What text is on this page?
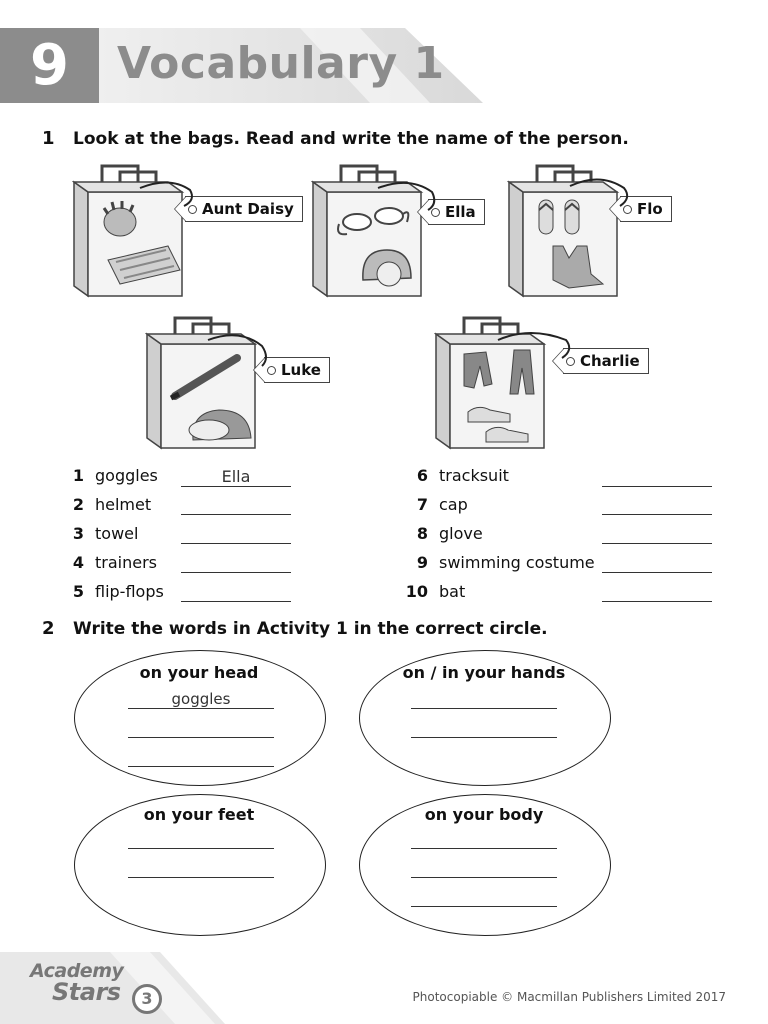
9	Vocabulary 1
1 Look at the bags. Read and write the name of the person.
Aunt Daisy	Ella	Flo
Luke	Charlie
1 goggles	Ella
2 helmet
3 towel
4 trainers
5 flip-flops
6 tracksuit
7 cap
8 glove
9 swimming costume
10 bat
2 Write the words in Activity 1 in the correct circle.
on your head
goggles
on / in your hands
on your feet	on your body
Academy
Stars	3	Photocopiable © Macmillan Publishers Limited 2017
